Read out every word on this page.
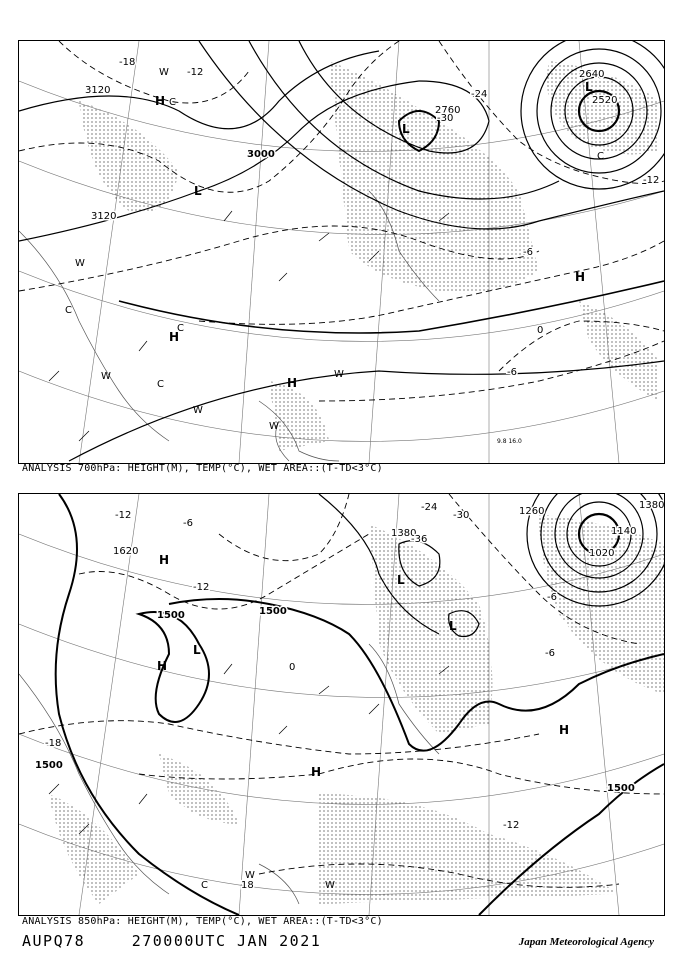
3120
3120
3000
2760
2520
2640
-18
-12
-24
-30
-12
-6
0
-6
H
L
L
L
H
H
H
W
W
W
W
W
C
C
C
C
W
C
9.8 16.0
ANALYSIS 700hPa: HEIGHT(M), TEMP(°C), WET AREA::(T-TD<3°C)
1500	1500
1500
1500
1620
1380
1020
1140
1380
1260
-30
-24
-36
-12
-6
-12
-18
0
-6
-12
18
-6
H
H
L
L
L
H
H
W
C	W
ANALYSIS 850hPa: HEIGHT(M), TEMP(°C), WET AREA::(T-TD<3°C)
AUPQ78	270000UTC JAN 2021	Japan Meteorological Agency
